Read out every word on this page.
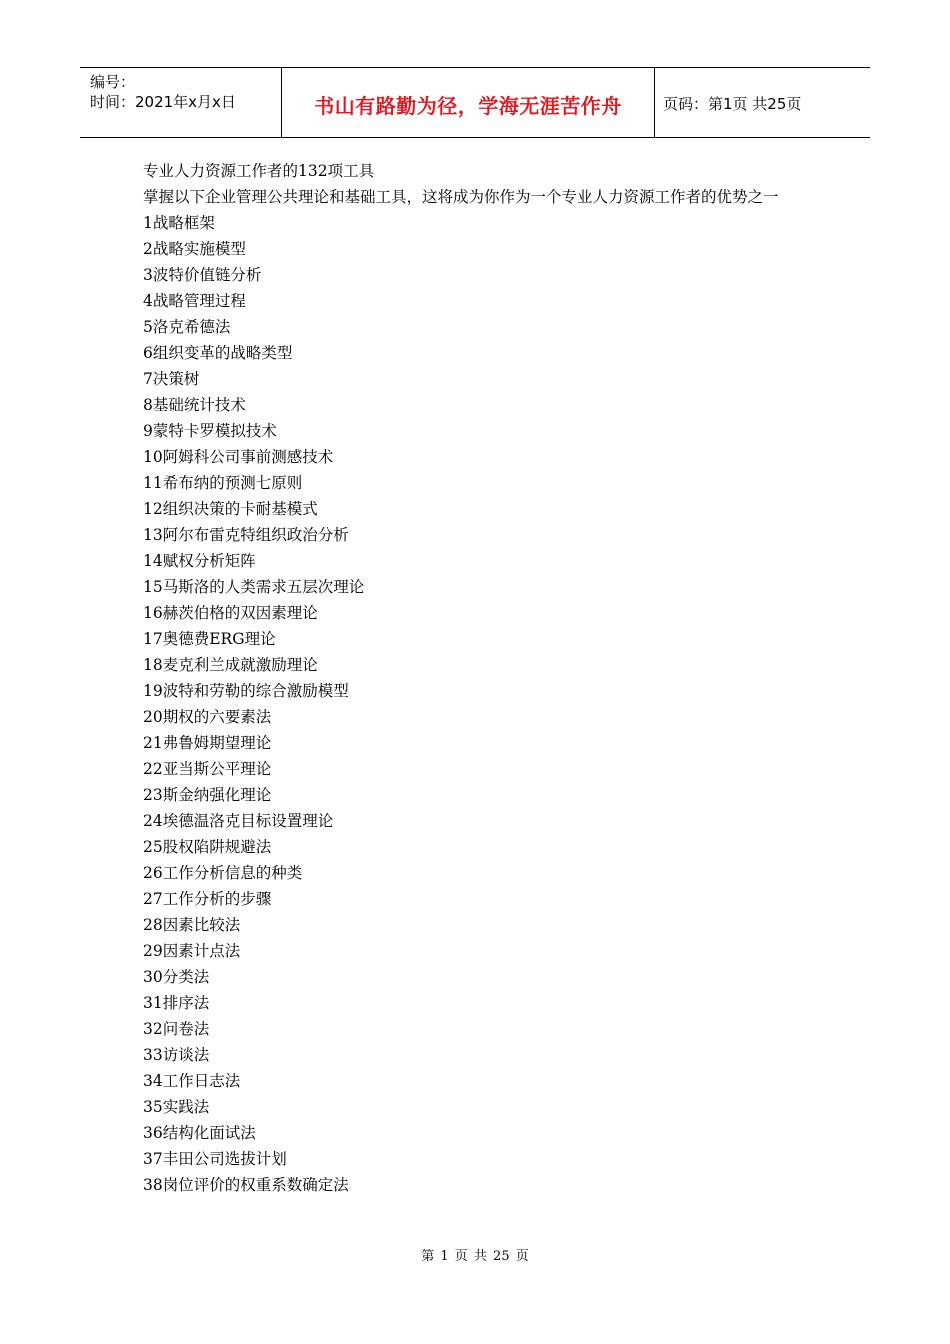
编号：
时间：2021年x月x日	书山有路勤为径，学海无涯苦作舟	页码：第1页 共25页
专业人力资源工作者的132项工具
掌握以下企业管理公共理论和基础工具，这将成为你作为一个专业人力资源工作者的优势之一
1战略框架
2战略实施模型
3波特价值链分析
4战略管理过程
5洛克希德法
6组织变革的战略类型
7决策树
8基础统计技术
9蒙特卡罗模拟技术
10阿姆科公司事前测感技术
11希布纳的预测七原则
12组织决策的卡耐基模式
13阿尔布雷克特组织政治分析
14赋权分析矩阵
15马斯洛的人类需求五层次理论
16赫茨伯格的双因素理论
17奥德费ERG理论
18麦克利兰成就激励理论
19波特和劳勒的综合激励模型
20期权的六要素法
21弗鲁姆期望理论
22亚当斯公平理论
23斯金纳强化理论
24埃德温洛克目标设置理论
25股权陷阱规避法
26工作分析信息的种类
27工作分析的步骤
28因素比较法
29因素计点法
30分类法
31排序法
32问卷法
33访谈法
34工作日志法
35实践法
36结构化面试法
37丰田公司选拔计划
38岗位评价的权重系数确定法
第 1 页 共 25 页
